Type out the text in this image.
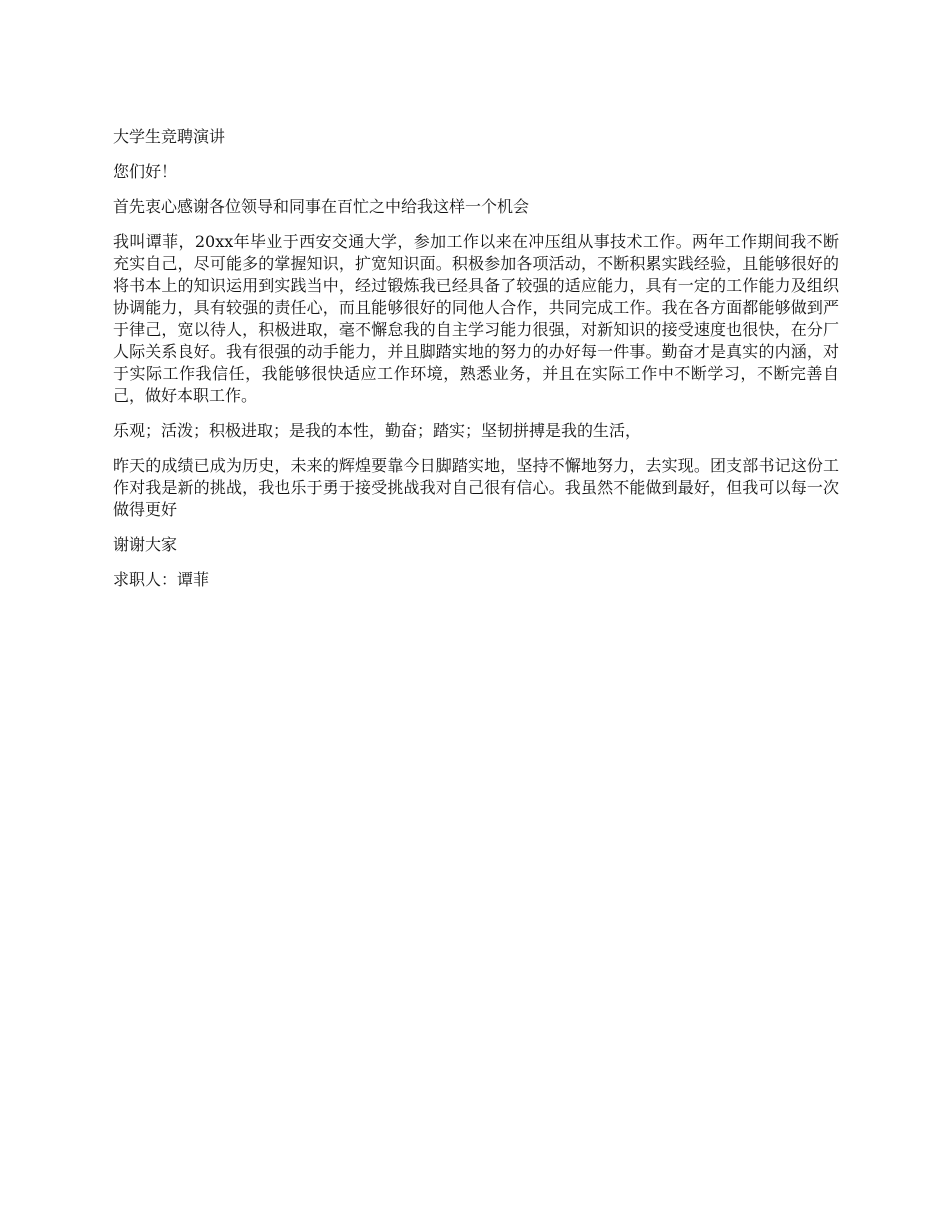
大学生竞聘演讲

您们好！

首先衷心感谢各位领导和同事在百忙之中给我这样一个机会

我叫谭菲，20xx年毕业于西安交通大学，参加工作以来在冲压组从事技术工作。两年工作期间我不断充实自己，尽可能多的掌握知识，扩宽知识面。积极参加各项活动，不断积累实践经验，且能够很好的将书本上的知识运用到实践当中，经过锻炼我已经具备了较强的适应能力，具有一定的工作能力及组织协调能力，具有较强的责任心，而且能够很好的同他人合作，共同完成工作。我在各方面都能够做到严于律己，宽以待人，积极进取，毫不懈怠我的自主学习能力很强，对新知识的接受速度也很快，在分厂人际关系良好。我有很强的动手能力，并且脚踏实地的努力的办好每一件事。勤奋才是真实的内涵，对于实际工作我信任，我能够很快适应工作环境，熟悉业务，并且在实际工作中不断学习，不断完善自己，做好本职工作。

乐观；活泼；积极进取；是我的本性，勤奋；踏实；坚韧拼搏是我的生活，

昨天的成绩已成为历史，未来的辉煌要靠今日脚踏实地，坚持不懈地努力，去实现。团支部书记这份工作对我是新的挑战，我也乐于勇于接受挑战我对自己很有信心。我虽然不能做到最好，但我可以每一次做得更好

谢谢大家

求职人：谭菲
